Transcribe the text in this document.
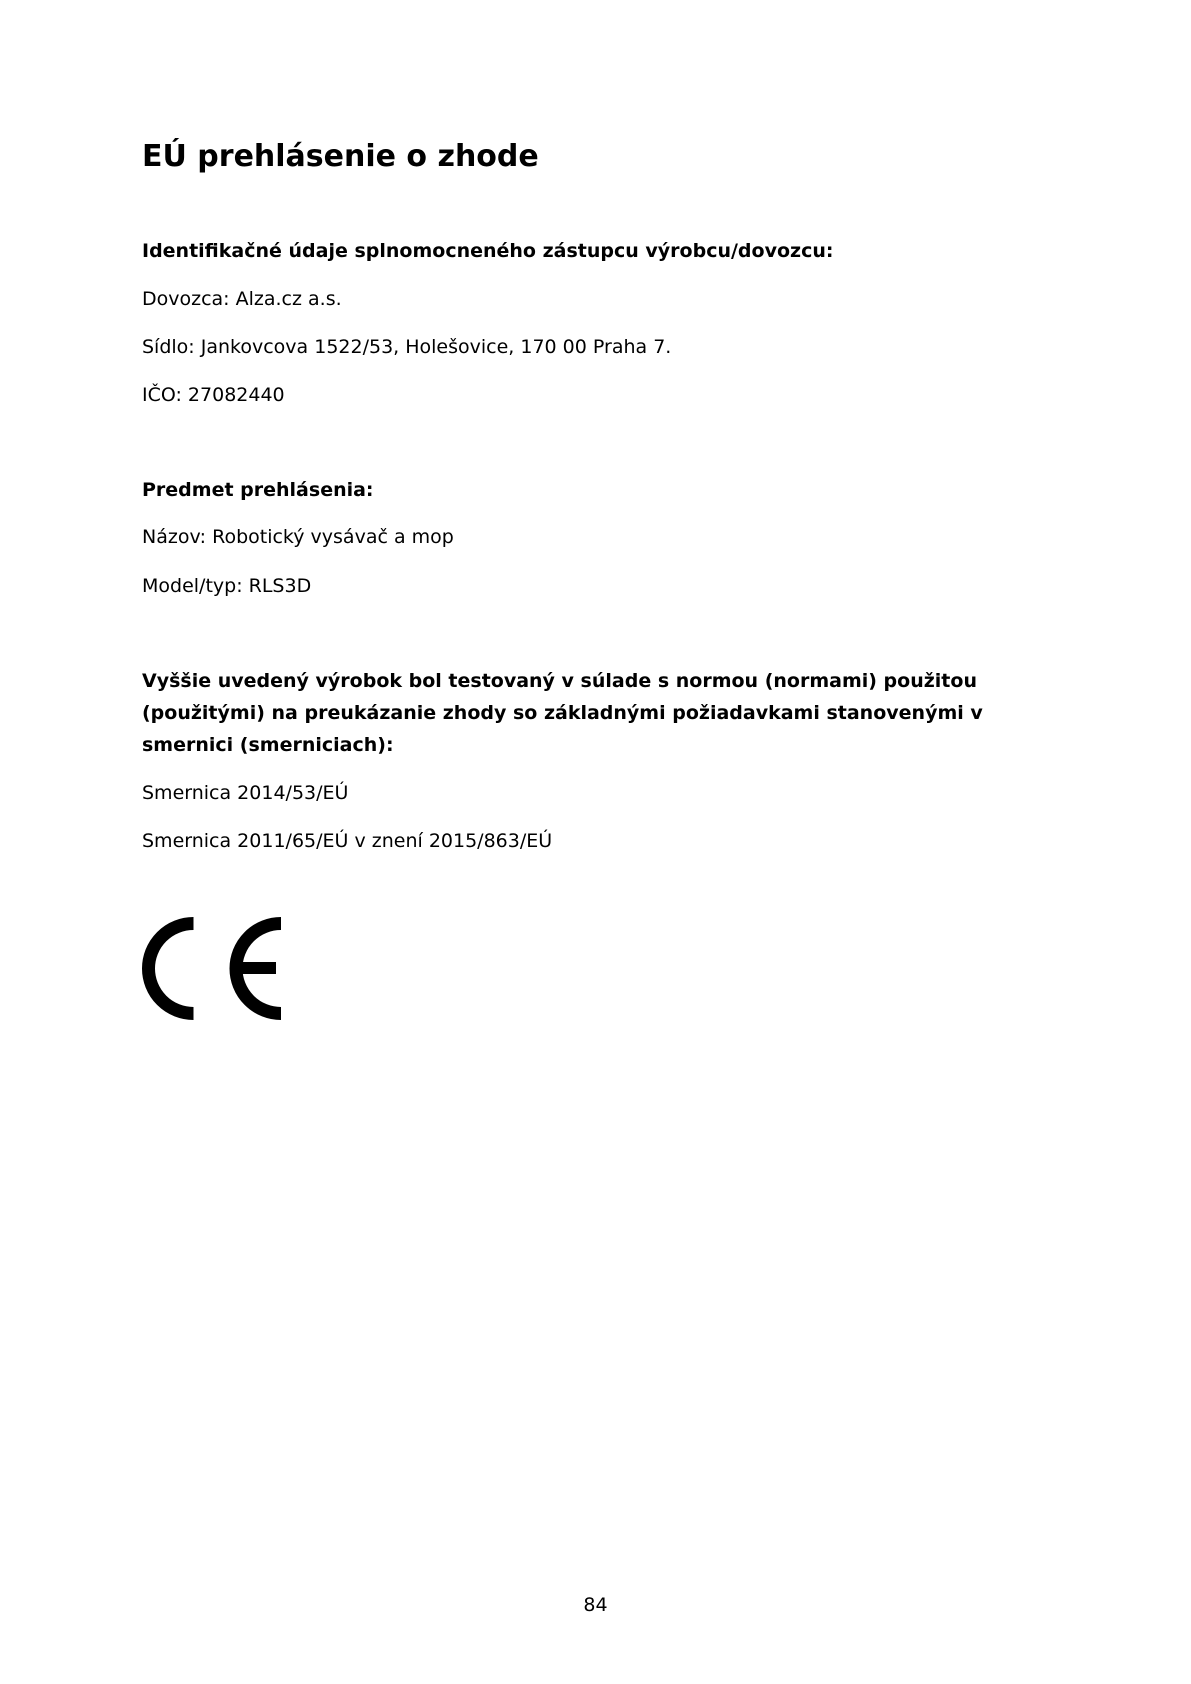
EÚ prehlásenie o zhode

Identifikačné údaje splnomocneného zástupcu výrobcu/dovozcu:

Dovozca: Alza.cz a.s.

Sídlo: Jankovcova 1522/53, Holešovice, 170 00 Praha 7.

IČO: 27082440

Predmet prehlásenia:

Názov: Robotický vysávač a mop

Model/typ: RLS3D

Vyššie uvedený výrobok bol testovaný v súlade s normou (normami) použitou (použitými) na preukázanie zhody so základnými požiadavkami stanovenými v smernici (smerniciach):

Smernica 2014/53/EÚ

Smernica 2011/65/EÚ v znení 2015/863/EÚ

84
